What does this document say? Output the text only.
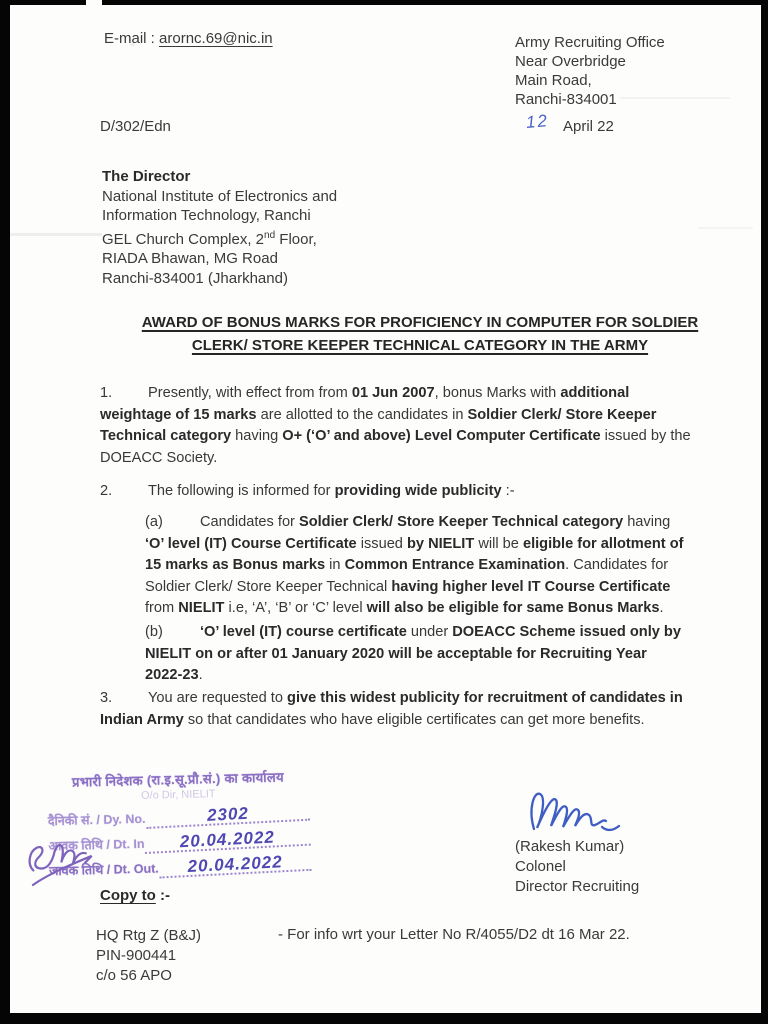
E-mail : arornc.69@nic.in	Army Recruiting Office
Near Overbridge
Main Road,
Ranchi-834001
D/302/Edn	12 April 22
The Director
National Institute of Electronics and
Information Technology, Ranchi
GEL Church Complex, 2nd Floor,
RIADA Bhawan, MG Road
Ranchi-834001 (Jharkhand)
AWARD OF BONUS MARKS FOR PROFICIENCY IN COMPUTER FOR SOLDIER
CLERK/ STORE KEEPER TECHNICAL CATEGORY IN THE ARMY
1. Presently, with effect from from 01 Jun 2007, bonus Marks with additional
weightage of 15 marks are allotted to the candidates in Soldier Clerk/ Store Keeper
Technical category having O+ (‘O’ and above) Level Computer Certificate issued by the
DOEACC Society.
2. The following is informed for providing wide publicity :-
(a)	Candidates for Soldier Clerk/ Store Keeper Technical category having
‘O’ level (IT) Course Certificate issued by NIELIT will be eligible for allotment of
15 marks as Bonus marks in Common Entrance Examination. Candidates for
Soldier Clerk/ Store Keeper Technical having higher level IT Course Certificate
from NIELIT i.e, ‘A’, ‘B’ or ‘C’ level will also be eligible for same Bonus Marks.
(b)	‘O’ level (IT) course certificate under DOEACC Scheme issued only by
NIELIT on or after 01 January 2020 will be acceptable for Recruiting Year
2022-23.
3. You are requested to give this widest publicity for recruitment of candidates in
Indian Army so that candidates who have eligible certificates can get more benefits.
प्रभारी निदेशक (रा.इ.सू.प्रौ.सं.) का कार्यालय
O/o Dir, NIELIT
दैनिकी सं. / Dy. No.	2302
आवक तिथि / Dt. In	20.04.2022
जावक तिथि / Dt. Out.	20.04.2022
(Rakesh Kumar)
Colonel
Director Recruiting
Copy to :-
HQ Rtg Z (B&J)
PIN-900441
c/o 56 APO
- For info wrt your Letter No R/4055/D2 dt 16 Mar 22.
